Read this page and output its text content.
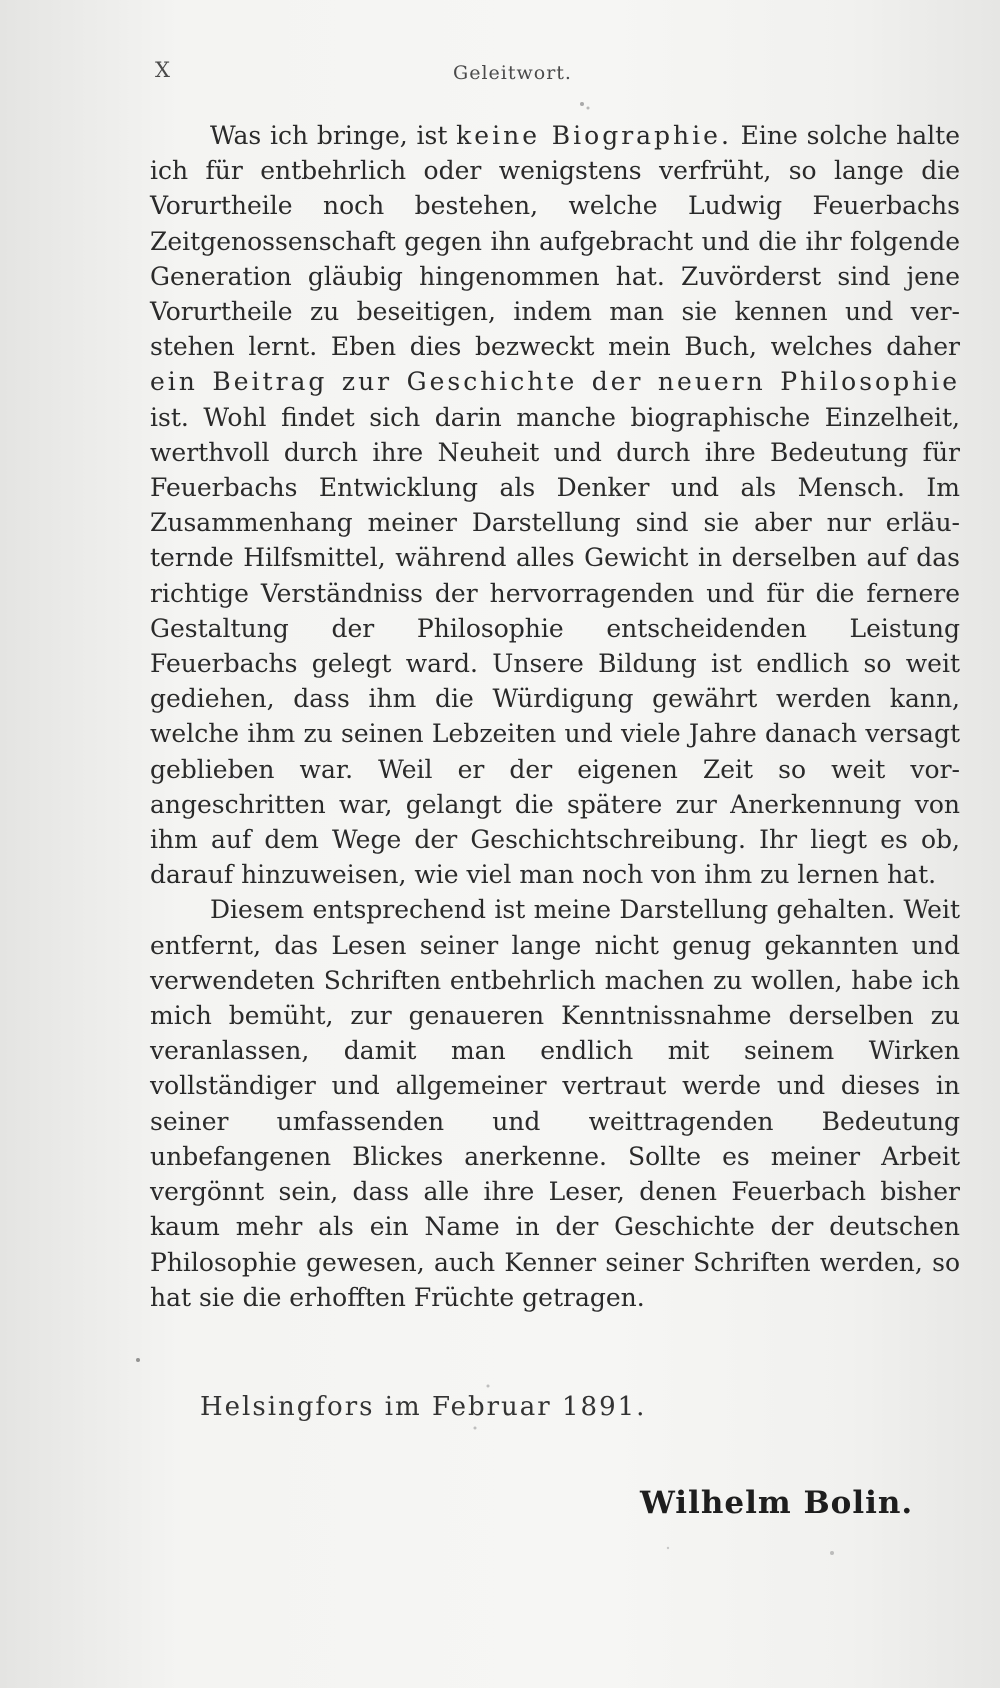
X	Geleitwort.

Was ich bringe, ist keine Biographie. Eine solche halte ich für entbehrlich oder wenigstens verfrüht, so lange die Vorurtheile noch bestehen, welche Ludwig Feuerbachs Zeitgenossenschaft gegen ihn aufgebracht und die ihr folgende Generation gläubig hingenommen hat. Zuvörderst sind jene Vorurtheile zu beseitigen, indem man sie kennen und verstehen lernt. Eben dies bezweckt mein Buch, welches daher ein Beitrag zur Geschichte der neuern Philosophie ist. Wohl findet sich darin manche biographische Einzelheit, werthvoll durch ihre Neuheit und durch ihre Bedeutung für Feuerbachs Entwicklung als Denker und als Mensch. Im Zusammenhang meiner Darstellung sind sie aber nur erläuternde Hilfsmittel, während alles Gewicht in derselben auf das richtige Verständniss der hervorragenden und für die fernere Gestaltung der Philosophie entscheidenden Leistung Feuerbachs gelegt ward. Unsere Bildung ist endlich so weit gediehen, dass ihm die Würdigung gewährt werden kann, welche ihm zu seinen Lebzeiten und viele Jahre danach versagt geblieben war. Weil er der eigenen Zeit so weit vorangeschritten war, gelangt die spätere zur Anerkennung von ihm auf dem Wege der Geschichtschreibung. Ihr liegt es ob, darauf hinzuweisen, wie viel man noch von ihm zu lernen hat.

Diesem entsprechend ist meine Darstellung gehalten. Weit entfernt, das Lesen seiner lange nicht genug gekannten und verwendeten Schriften entbehrlich machen zu wollen, habe ich mich bemüht, zur genaueren Kenntnissnahme derselben zu veranlassen, damit man endlich mit seinem Wirken vollständiger und allgemeiner vertraut werde und dieses in seiner umfassenden und weittragenden Bedeutung unbefangenen Blickes anerkenne. Sollte es meiner Arbeit vergönnt sein, dass alle ihre Leser, denen Feuerbach bisher kaum mehr als ein Name in der Geschichte der deutschen Philosophie gewesen, auch Kenner seiner Schriften werden, so hat sie die erhofften Früchte getragen.

Helsingfors im Februar 1891.
Wilhelm Bolin.
